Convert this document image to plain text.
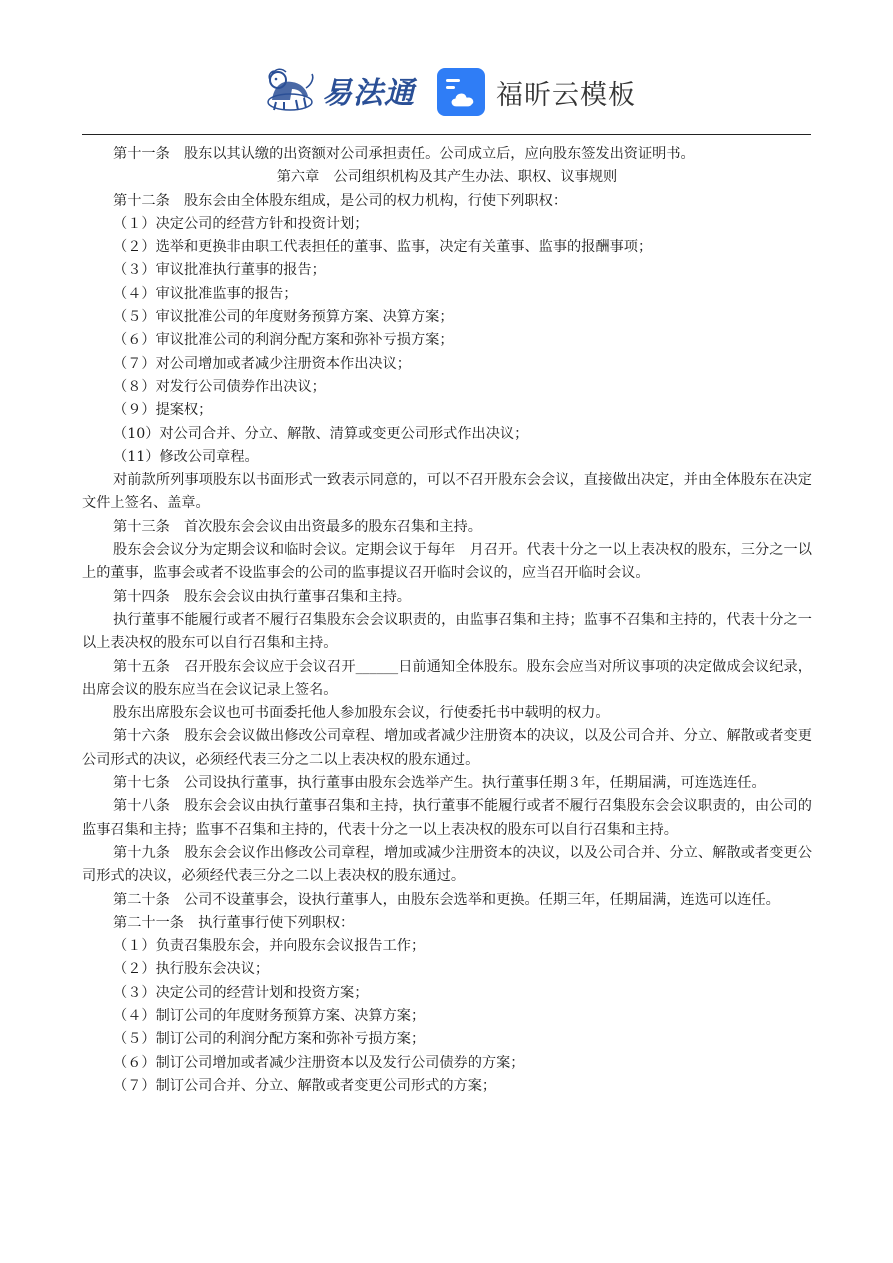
易法通	福昕云模板

第十一条　股东以其认缴的出资额对公司承担责任。公司成立后，应向股东签发出资证明书。

第六章　公司组织机构及其产生办法、职权、议事规则

第十二条　股东会由全体股东组成，是公司的权力机构，行使下列职权：

（１）决定公司的经营方针和投资计划；

（２）选举和更换非由职工代表担任的董事、监事，决定有关董事、监事的报酬事项；

（３）审议批准执行董事的报告；

（４）审议批准监事的报告；

（５）审议批准公司的年度财务预算方案、决算方案；

（６）审议批准公司的利润分配方案和弥补亏损方案；

（７）对公司增加或者减少注册资本作出决议；

（８）对发行公司债券作出决议；

（９）提案权；

（10）对公司合并、分立、解散、清算或变更公司形式作出决议；

（11）修改公司章程。

对前款所列事项股东以书面形式一致表示同意的，可以不召开股东会会议，直接做出决定，并由全体股东在决定文件上签名、盖章。

第十三条　首次股东会会议由出资最多的股东召集和主持。

股东会会议分为定期会议和临时会议。定期会议于每年　月召开。代表十分之一以上表决权的股东，三分之一以上的董事，监事会或者不设监事会的公司的监事提议召开临时会议的，应当召开临时会议。

第十四条　股东会会议由执行董事召集和主持。

执行董事不能履行或者不履行召集股东会会议职责的，由监事召集和主持；监事不召集和主持的，代表十分之一以上表决权的股东可以自行召集和主持。

第十五条　召开股东会议应于会议召开______日前通知全体股东。股东会应当对所议事项的决定做成会议纪录，出席会议的股东应当在会议记录上签名。

股东出席股东会议也可书面委托他人参加股东会议，行使委托书中载明的权力。

第十六条　股东会会议做出修改公司章程、增加或者减少注册资本的决议，以及公司合并、分立、解散或者变更公司形式的决议，必须经代表三分之二以上表决权的股东通过。

第十七条　公司设执行董事，执行董事由股东会选举产生。执行董事任期３年，任期届满，可连选连任。

第十八条　股东会会议由执行董事召集和主持，执行董事不能履行或者不履行召集股东会会议职责的，由公司的监事召集和主持；监事不召集和主持的，代表十分之一以上表决权的股东可以自行召集和主持。

第十九条　股东会会议作出修改公司章程，增加或减少注册资本的决议，以及公司合并、分立、解散或者变更公司形式的决议，必须经代表三分之二以上表决权的股东通过。

第二十条　公司不设董事会，设执行董事人，由股东会选举和更换。任期三年，任期届满，连选可以连任。

第二十一条　执行董事行使下列职权：

（１）负责召集股东会，并向股东会议报告工作；

（２）执行股东会决议；

（３）决定公司的经营计划和投资方案；

（４）制订公司的年度财务预算方案、决算方案；

（５）制订公司的利润分配方案和弥补亏损方案；

（６）制订公司增加或者减少注册资本以及发行公司债券的方案；

（７）制订公司合并、分立、解散或者变更公司形式的方案；
